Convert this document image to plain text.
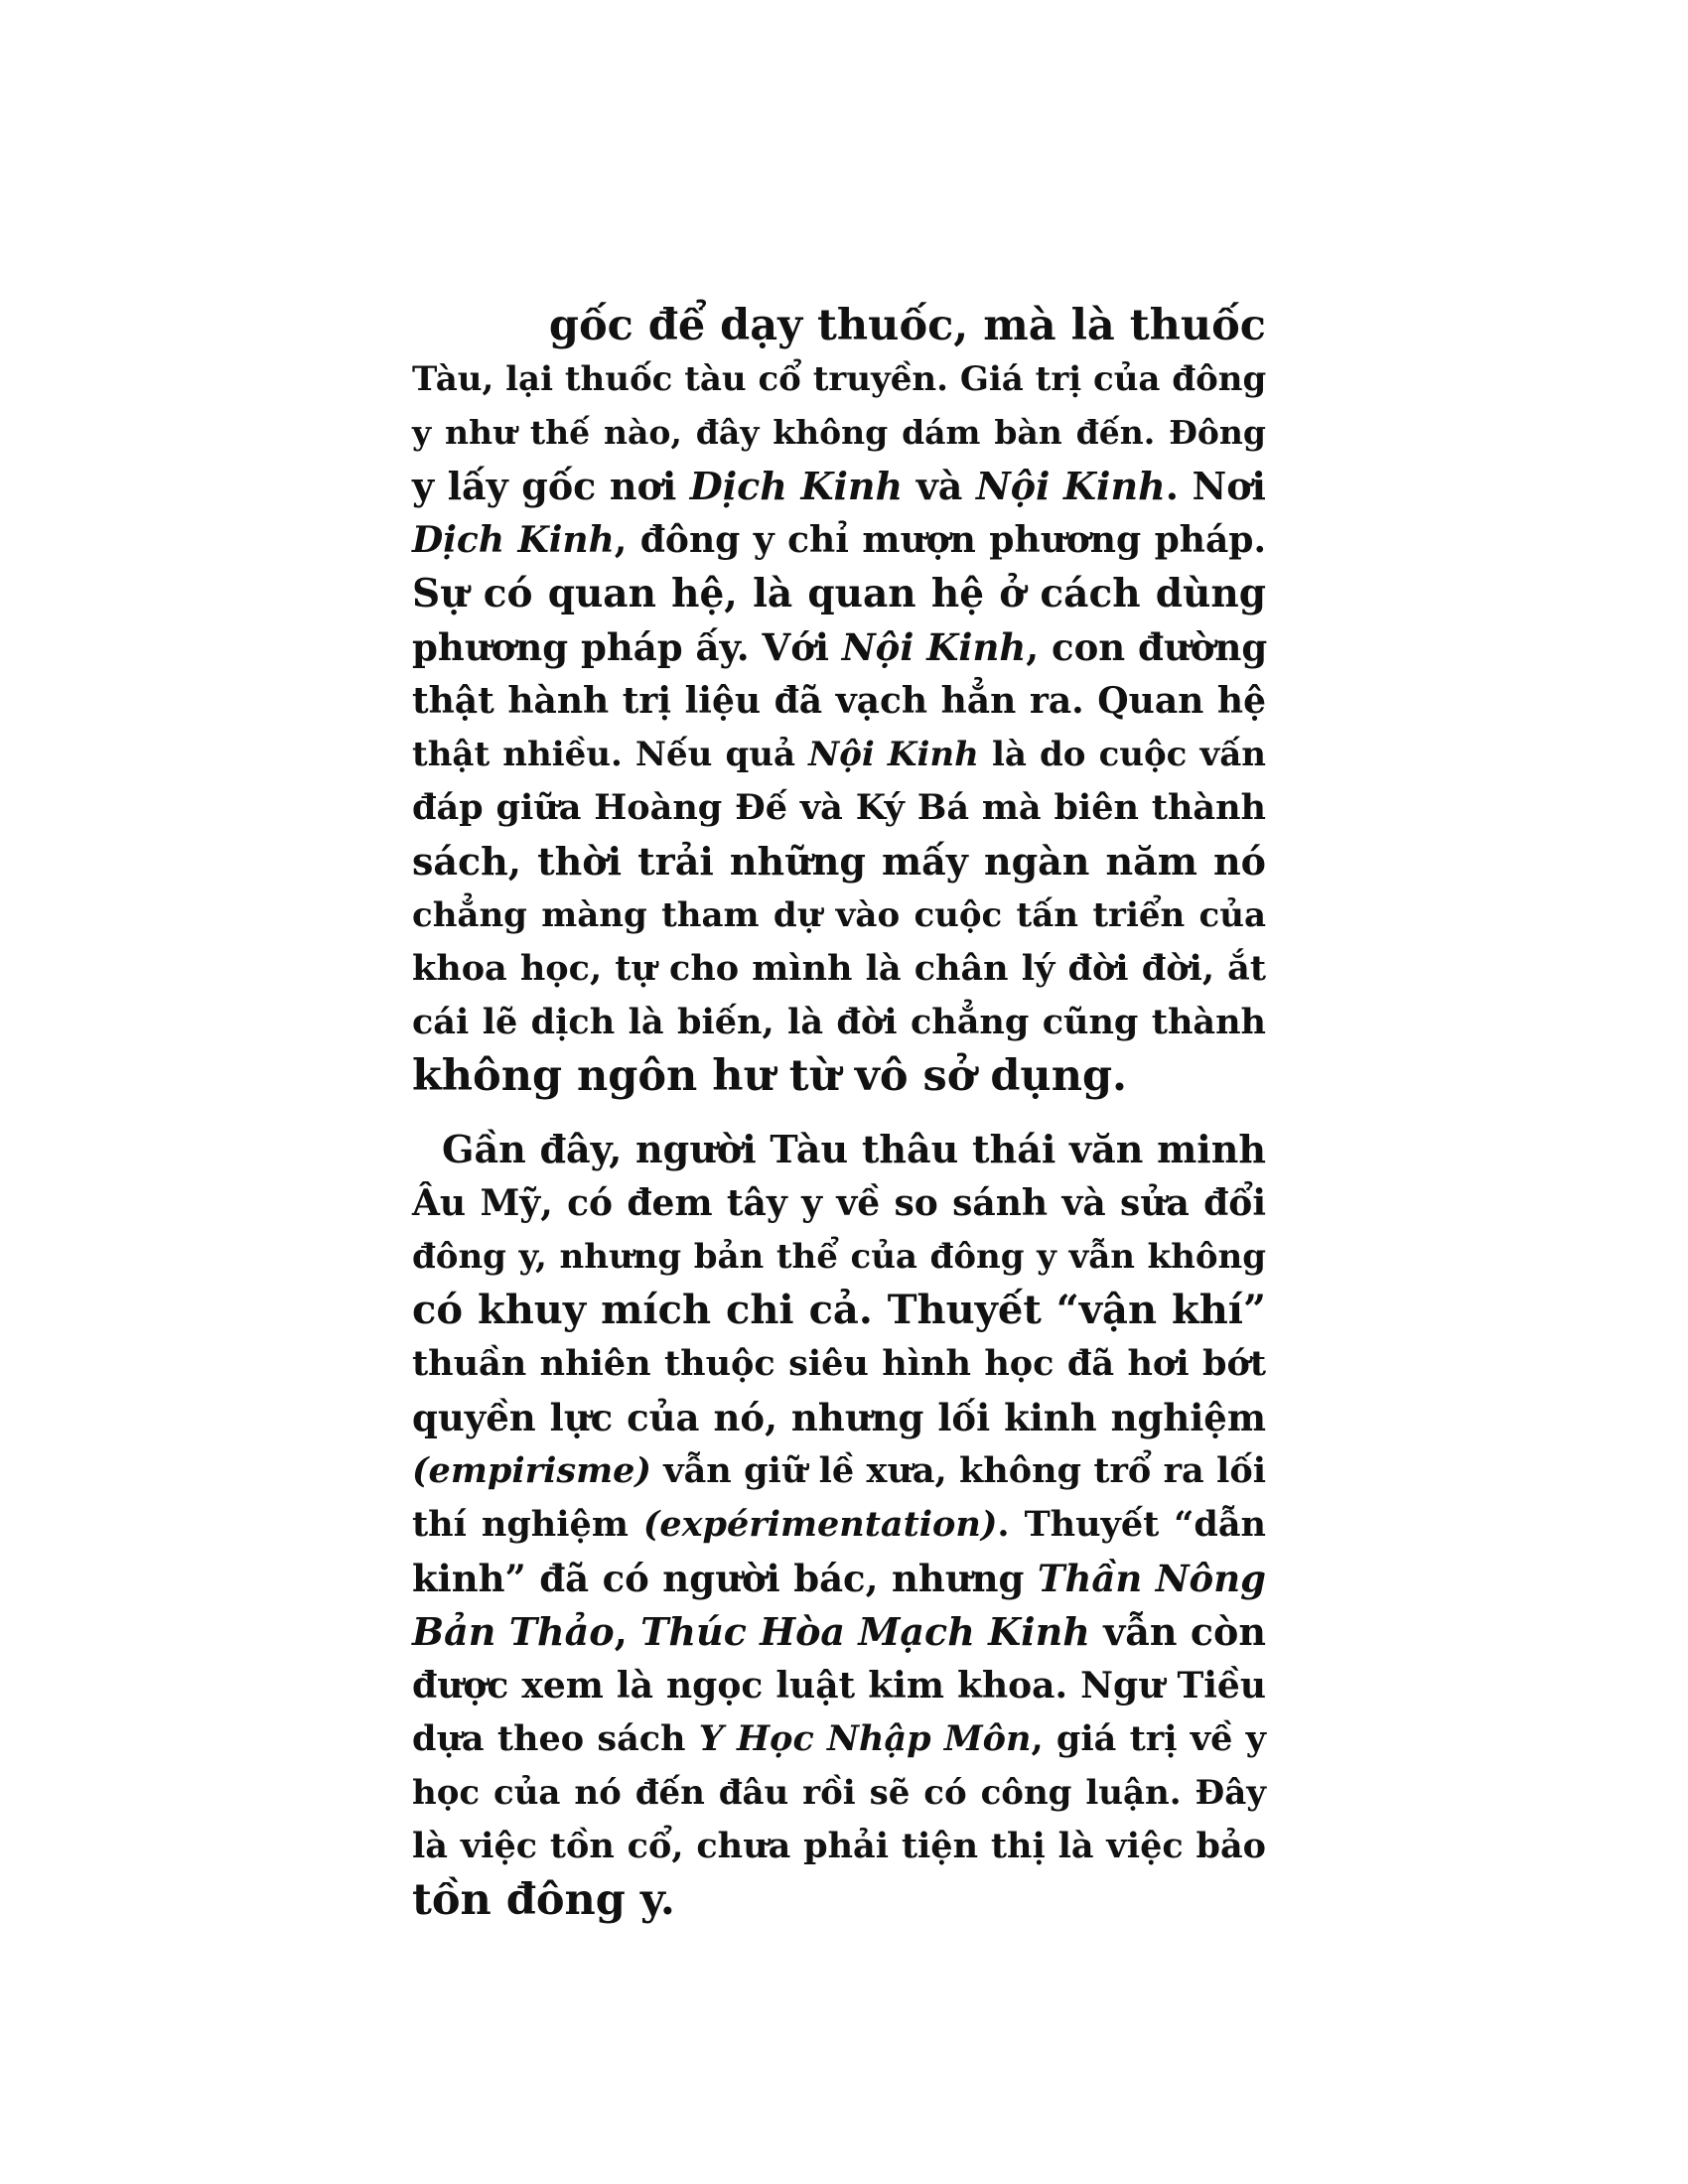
gốc để dạy thuốc, mà là thuốc
Tàu, lại thuốc tàu cổ truyền. Giá trị của đông
y như thế nào, đây không dám bàn đến. Đông
y lấy gốc nơi Dịch Kinh và Nội Kinh. Nơi
Dịch Kinh, đông y chỉ mượn phương pháp.
Sự có quan hệ, là quan hệ ở cách dùng
phương pháp ấy. Với Nội Kinh, con đường
thật hành trị liệu đã vạch hẳn ra. Quan hệ
thật nhiều. Nếu quả Nội Kinh là do cuộc vấn
đáp giữa Hoàng Đế và Ký Bá mà biên thành
sách, thời trải những mấy ngàn năm nó
chẳng màng tham dự vào cuộc tấn triển của
khoa học, tự cho mình là chân lý đời đời, ắt
cái lẽ dịch là biến, là đời chẳng cũng thành
không ngôn hư từ vô sở dụng.
Gần đây, người Tàu thâu thái văn minh
Âu Mỹ, có đem tây y về so sánh và sửa đổi
đông y, nhưng bản thể của đông y vẫn không
có khuy mích chi cả. Thuyết “vận khí”
thuần nhiên thuộc siêu hình học đã hơi bớt
quyền lực của nó, nhưng lối kinh nghiệm
(empirisme) vẫn giữ lề xưa, không trổ ra lối
thí nghiệm (expérimentation). Thuyết “dẫn
kinh” đã có người bác, nhưng Thần Nông
Bản Thảo, Thúc Hòa Mạch Kinh vẫn còn
được xem là ngọc luật kim khoa. Ngư Tiều
dựa theo sách Y Học Nhập Môn, giá trị về y
học của nó đến đâu rồi sẽ có công luận. Đây
là việc tồn cổ, chưa phải tiện thị là việc bảo
tồn đông y.
